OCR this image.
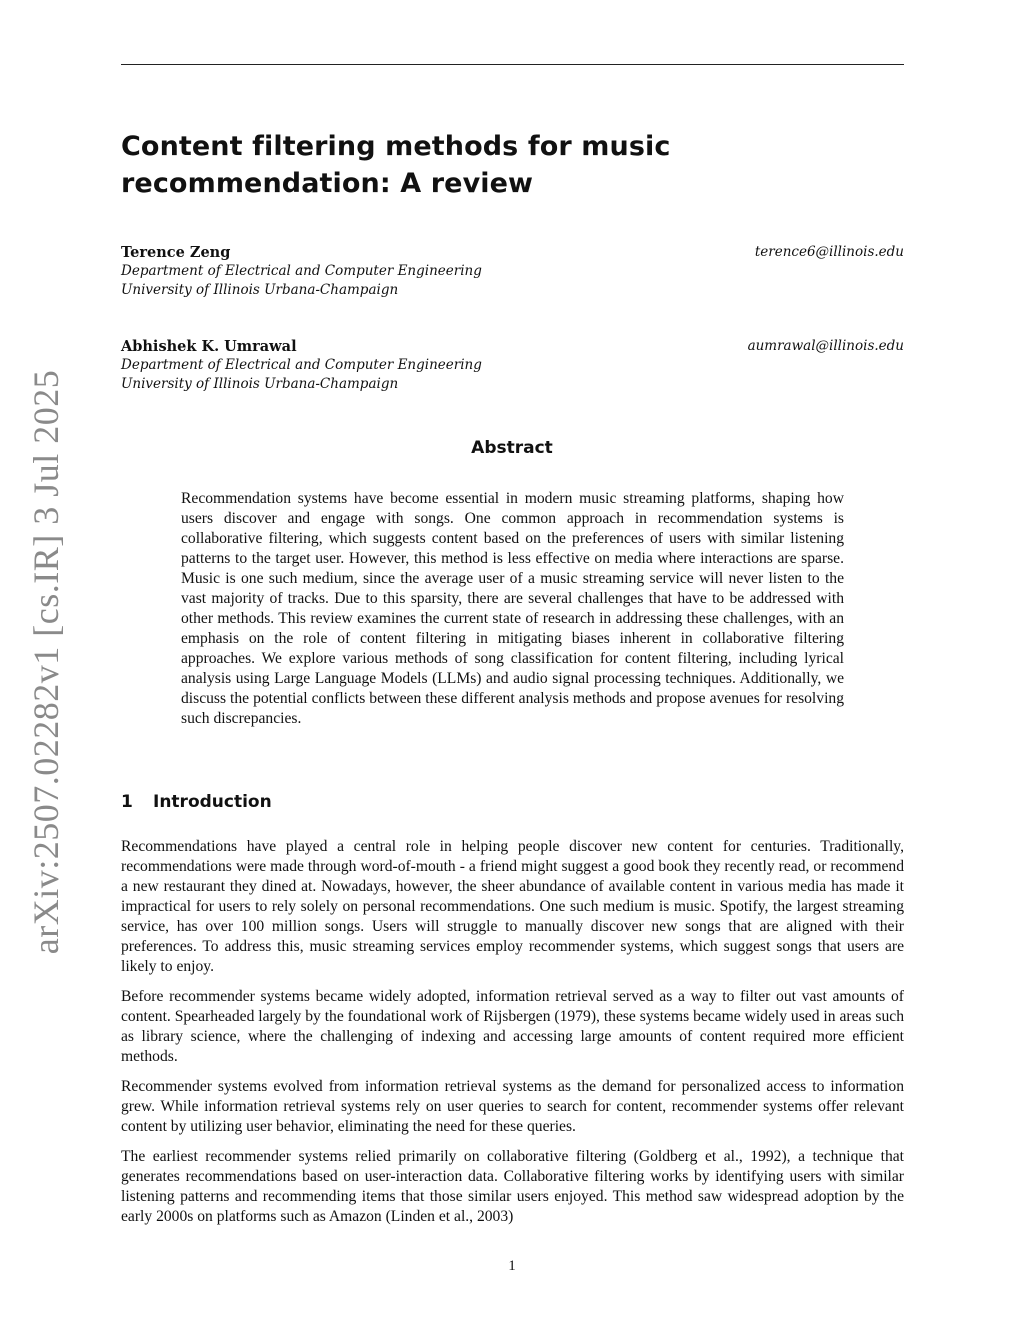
arXiv:2507.02282v1 [cs.IR] 3 Jul 2025
Content filtering methods for music recommendation: A review
Terence Zeng	terence6@illinois.edu
Department of Electrical and Computer Engineering
University of Illinois Urbana-Champaign
Abhishek K. Umrawal	aumrawal@illinois.edu
Department of Electrical and Computer Engineering
University of Illinois Urbana-Champaign
Abstract
Recommendation systems have become essential in modern music streaming platforms, shaping how users discover and engage with songs. One common approach in recommendation systems is collaborative filtering, which suggests content based on the preferences of users with similar listening patterns to the target user. However, this method is less effective on media where interactions are sparse. Music is one such medium, since the average user of a music streaming service will never listen to the vast majority of tracks. Due to this sparsity, there are several challenges that have to be addressed with other methods. This review examines the current state of research in addressing these challenges, with an emphasis on the role of content filtering in mitigating biases inherent in collaborative filtering approaches. We explore various methods of song classification for content filtering, including lyrical analysis using Large Language Models (LLMs) and audio signal processing techniques. Additionally, we discuss the potential conflicts between these different analysis methods and propose avenues for resolving such discrepancies.
1 Introduction

Recommendations have played a central role in helping people discover new content for centuries. Traditionally, recommendations were made through word-of-mouth - a friend might suggest a good book they recently read, or recommend a new restaurant they dined at. Nowadays, however, the sheer abundance of available content in various media has made it impractical for users to rely solely on personal recommendations. One such medium is music. Spotify, the largest streaming service, has over 100 million songs. Users will struggle to manually discover new songs that are aligned with their preferences. To address this, music streaming services employ recommender systems, which suggest songs that users are likely to enjoy.

Before recommender systems became widely adopted, information retrieval served as a way to filter out vast amounts of content. Spearheaded largely by the foundational work of Rijsbergen (1979), these systems became widely used in areas such as library science, where the challenging of indexing and accessing large amounts of content required more efficient methods.

Recommender systems evolved from information retrieval systems as the demand for personalized access to information grew. While information retrieval systems rely on user queries to search for content, recommender systems offer relevant content by utilizing user behavior, eliminating the need for these queries.

The earliest recommender systems relied primarily on collaborative filtering (Goldberg et al., 1992), a technique that generates recommendations based on user-interaction data. Collaborative filtering works by identifying users with similar listening patterns and recommending items that those similar users enjoyed. This method saw widespread adoption by the early 2000s on platforms such as Amazon (Linden et al., 2003)

1
